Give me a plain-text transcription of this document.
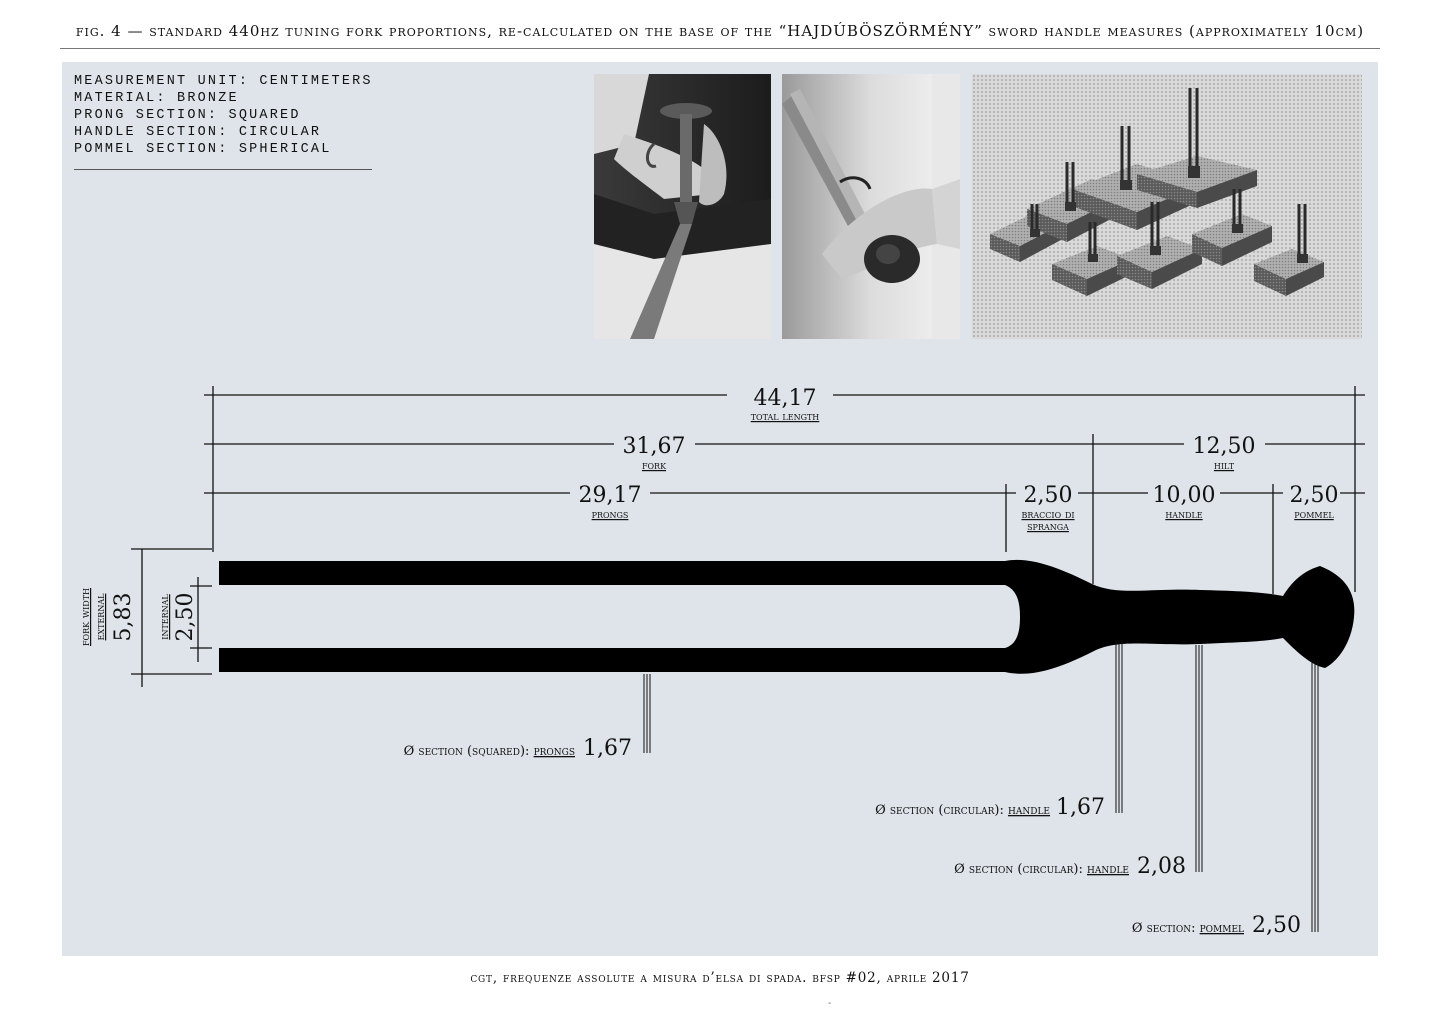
fig. 4 — standard 440hz tuning fork proportions, re-calculated on the base of the “HAJDÚBÖSZÖRMÉNY” sword handle measures (approximately 10cm)
MEASUREMENT UNIT: CENTIMETERS
MATERIAL: BRONZE
PRONG SECTION: SQUARED
HANDLE SECTION: CIRCULAR
POMMEL SECTION: SPHERICAL
44,17
total length
31,67
fork
12,50
hilt
29,17
prongs
2,50
braccio di
spranga
10,00
handle
2,50
pommel
fork width external 5,83 internal 2,50
Ø section (squared): prongs 1,67
Ø section (circular): handle 1,67
Ø section (circular): handle 2,08
Ø section: pommel 2,50
cgt, frequenze assolute a misura d’elsa di spada. bfsp #02, aprile 2017
-
